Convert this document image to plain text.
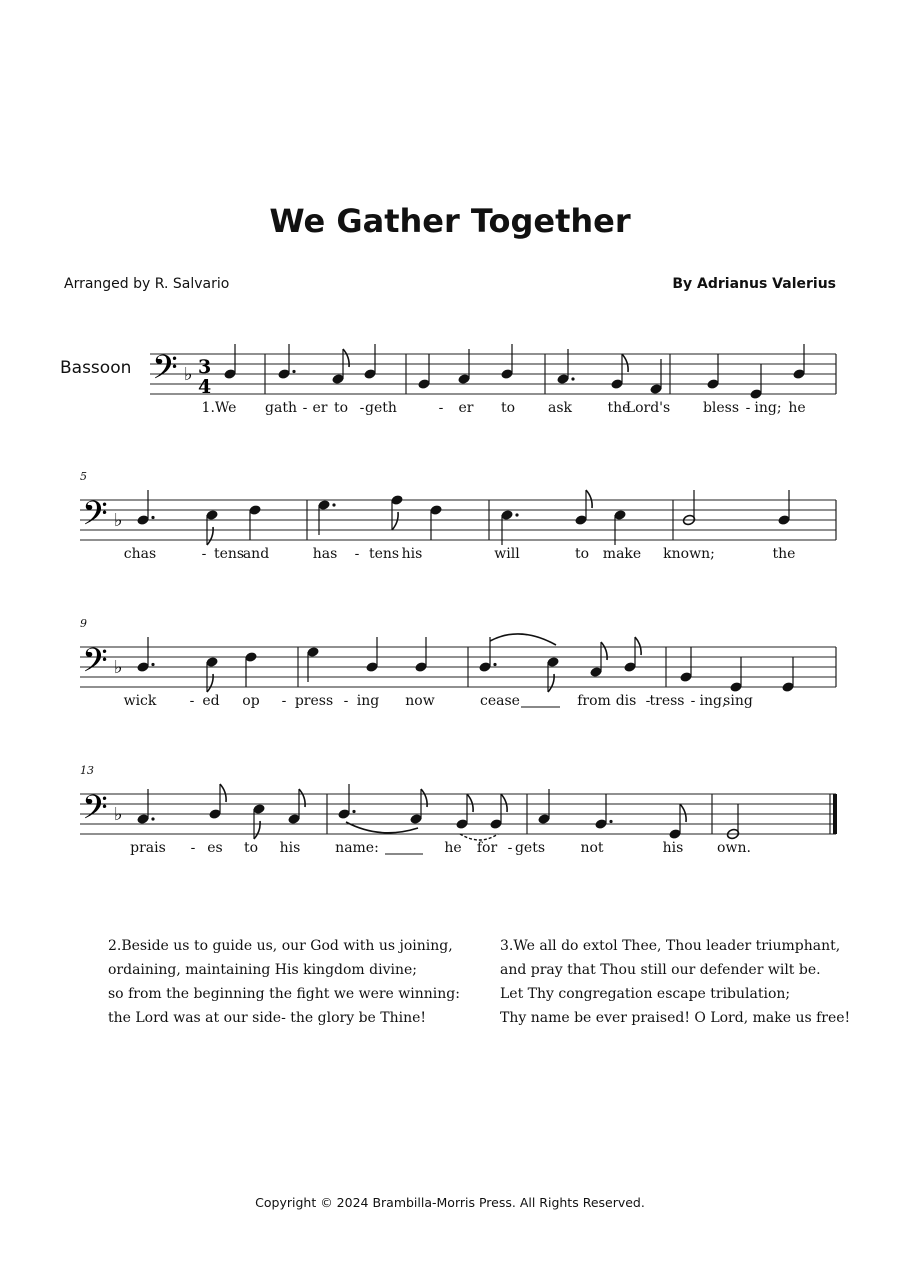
We Gather Together
Arranged by R. Salvario	By Adrianus Valerius
Bassoon 𝄢 ♭ 3
4
1.We gath - er to - geth	- er to ask	the
Lord's bless - ing; he
𝄢 ♭
5
chas	- tens
and	has - tens his	will	to make known;	the
𝄢 ♭
9
wick - ed op - press - ing now	cease	from dis - tress - ing,
sing
𝄢 ♭
13
prais - es to his name:	he for - gets	not	his own.
2.Beside us to guide us, our God with us joining,
ordaining, maintaining His kingdom divine;
so from the beginning the fight we were winning:
the Lord was at our side- the glory be Thine!
3.We all do extol Thee, Thou leader triumphant,
and pray that Thou still our defender wilt be.
Let Thy congregation escape tribulation;
Thy name be ever praised! O Lord, make us free!
Copyright © 2024 Brambilla-Morris Press. All Rights Reserved.
